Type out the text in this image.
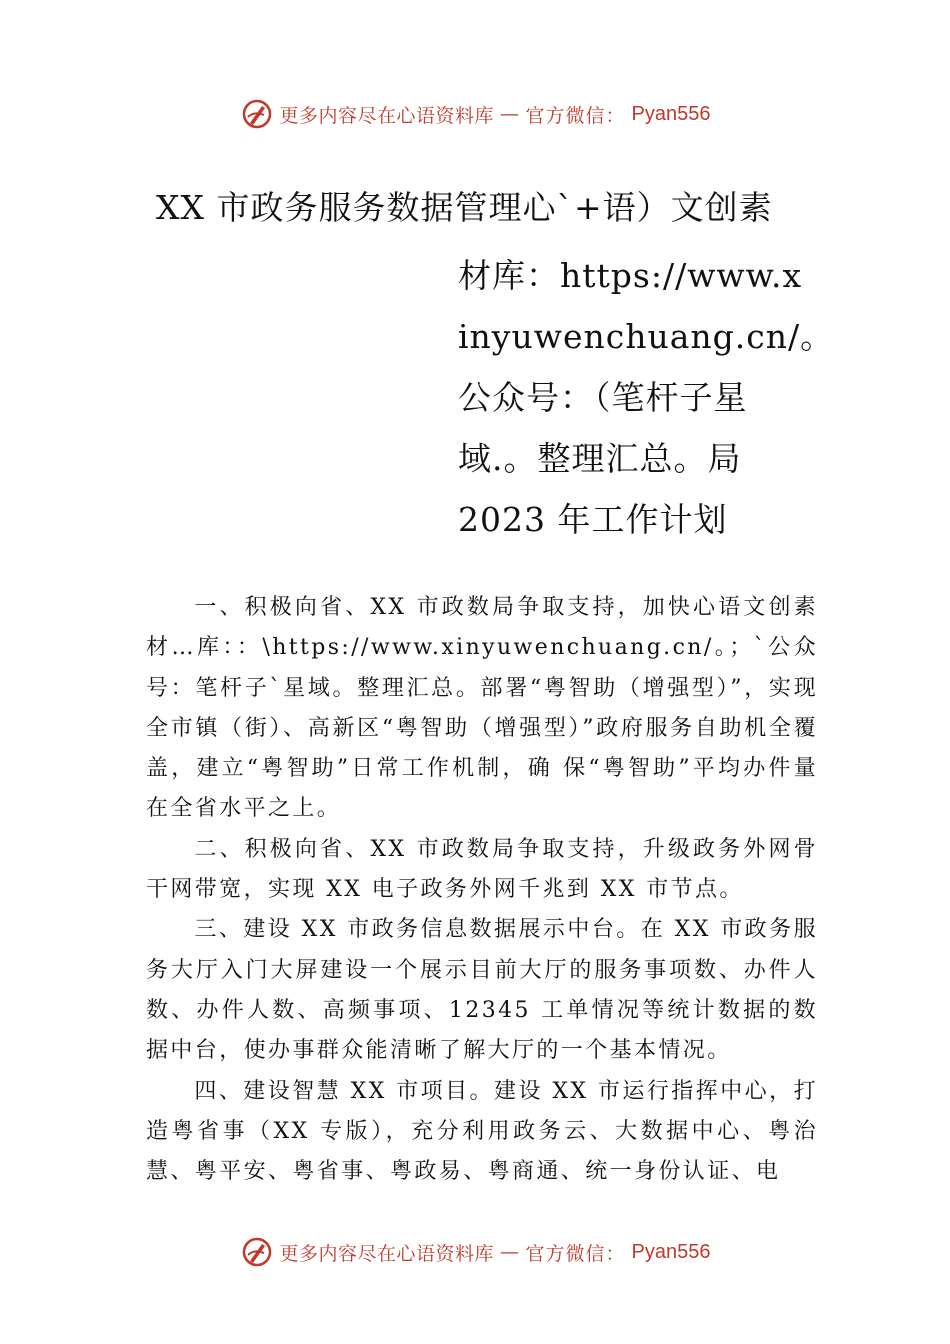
更多内容尽在心语资料库 — 官方微信： Pyan556
XX 市政务服务数据管理心`+语）文创素
材库：https://www.x
inyuwenchuang.cn/。
公众号：（笔杆子星
域.。整理汇总。局
2023 年工作计划

一、积极向省、XX 市政数局争取支持，加快心语文创素材…库：：\https://www.xinyuwenchuang.cn/。；`公众号：笔杆子`星域。整理汇总。部署“粤智助（增强型）”，实现全市镇（街）、高新区“粤智助（增强型）”政府服务自助机全覆盖，建立“粤智助”日常工作机制，确 保“粤智助”平均办件量在全省水平之上。

二、积极向省、XX 市政数局争取支持，升级政务外网骨干网带宽，实现 XX 电子政务外网千兆到 XX 市节点。

三、建设 XX 市政务信息数据展示中台。在 XX 市政务服务大厅入门大屏建设一个展示目前大厅的服务事项数、办件人数、办件人数、高频事项、12345 工单情况等统计数据的数据中台，使办事群众能清晰了解大厅的一个基本情况。

四、建设智慧 XX 市项目。建设 XX 市运行指挥中心，打造粤省事（XX 专版），充分利用政务云、大数据中心、粤治慧、粤平安、粤省事、粤政易、粤商通、统一身份认证、电

更多内容尽在心语资料库 — 官方微信： Pyan556
